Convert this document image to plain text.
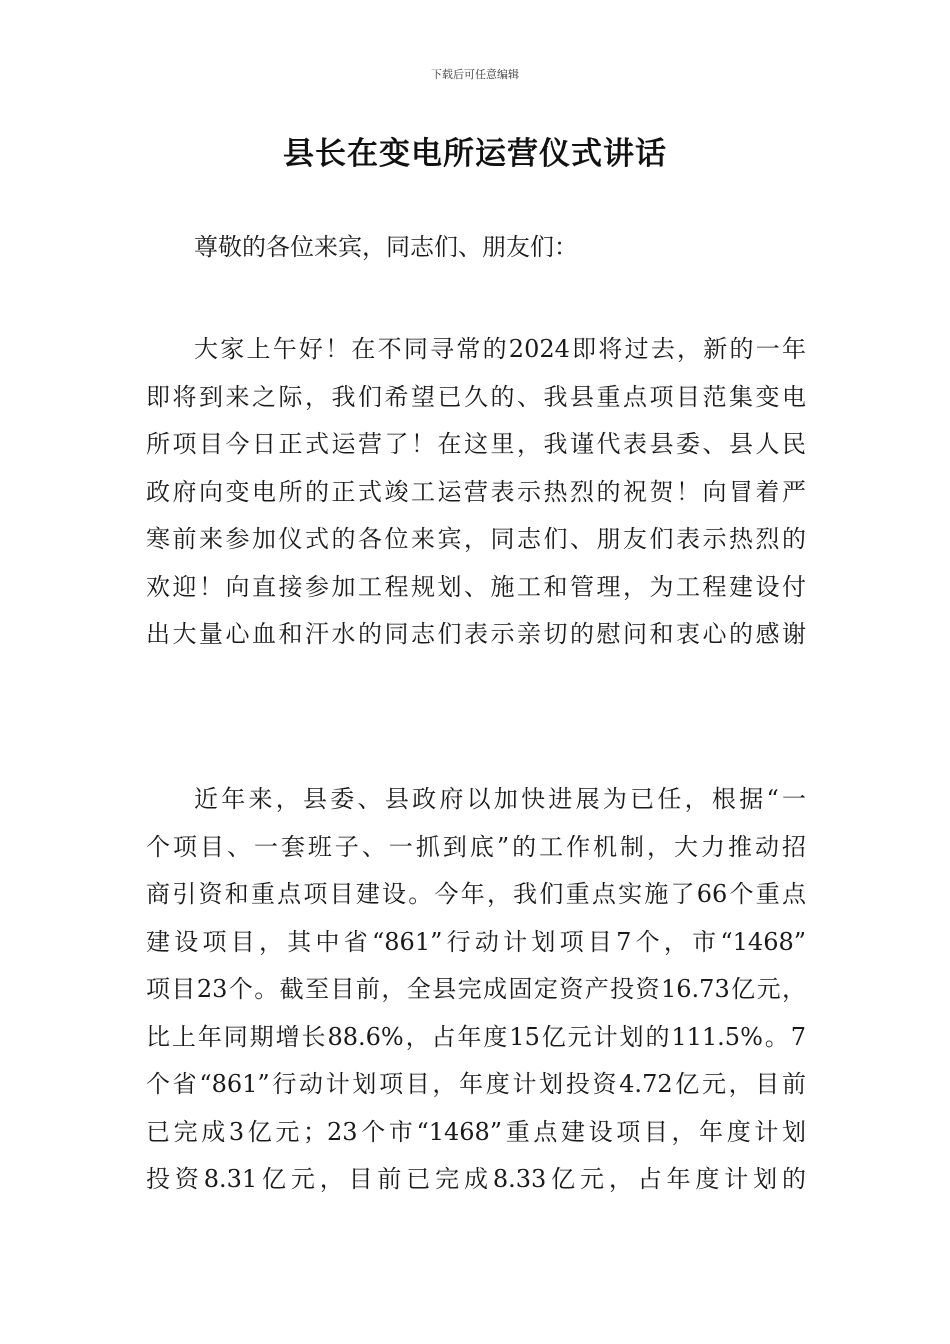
下载后可任意编辑
县长在变电所运营仪式讲话

尊敬的各位来宾，同志们、朋友们：

大家上午好！在不同寻常的2024即将过去，新的一年
即将到来之际，我们希望已久的、我县重点项目范集变电
所项目今日正式运营了！在这里，我谨代表县委、县人民
政府向变电所的正式竣工运营表示热烈的祝贺！向冒着严
寒前来参加仪式的各位来宾，同志们、朋友们表示热烈的
欢迎！向直接参加工程规划、施工和管理，为工程建设付
出大量心血和汗水的同志们表示亲切的慰问和衷心的感谢
近年来，县委、县政府以加快进展为已任，根据“一
个项目、一套班子、一抓到底”的工作机制，大力推动招
商引资和重点项目建设。今年，我们重点实施了66个重点
建设项目，其中省“861”行动计划项目7个，市“1468”
项目23个。截至目前，全县完成固定资产投资16.73亿元，
比上年同期增长88.6%，占年度15亿元计划的111.5%。7
个省“861”行动计划项目，年度计划投资4.72亿元，目前
已完成3亿元；23个市“1468”重点建设项目，年度计划
投资8.31亿元，目前已完成8.33亿元，占年度计划的
